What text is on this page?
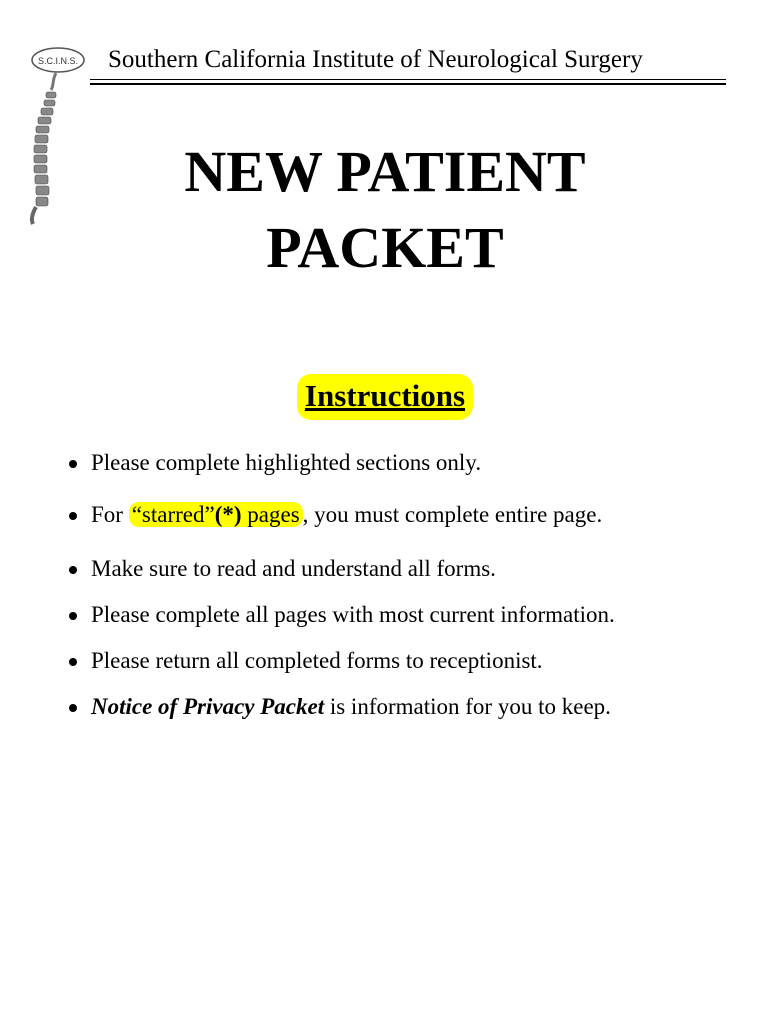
S.C.I.N.S. Southern California Institute of Neurological Surgery
NEW PATIENT
PACKET
Instructions
Please complete highlighted sections only.
For “starred”(*) pages , you must complete entire page.
Make sure to read and understand all forms.
Please complete all pages with most current information.
Please return all completed forms to receptionist.
Notice of Privacy Packet is information for you to keep.
